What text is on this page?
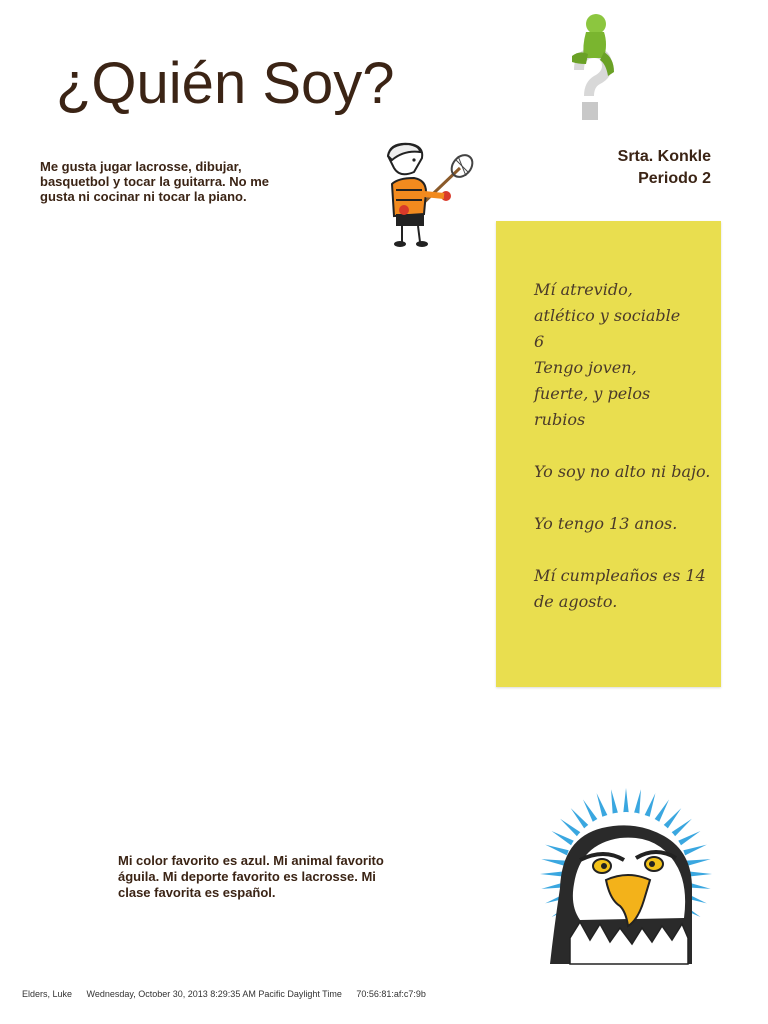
¿Quién Soy?
Srta. Konkle
Periodo 2
Me gusta jugar lacrosse, dibujar, basquetbol y tocar la guitarra. No me gusta ni cocinar ni tocar la piano.

Mí atrevido,
atlético y sociable
6
Tengo joven,
fuerte, y pelos
rubios

Yo soy no alto ni bajo.

Yo tengo 13 anos.

Mí cumpleaños es 14 de agosto.

Mi color favorito es azul. Mi animal favorito águila. Mi deporte favorito es lacrosse. Mi clase favorita es español.
Elders, Luke Wednesday, October 30, 2013 8:29:35 AM Pacific Daylight Time 70:56:81:af:c7:9b
